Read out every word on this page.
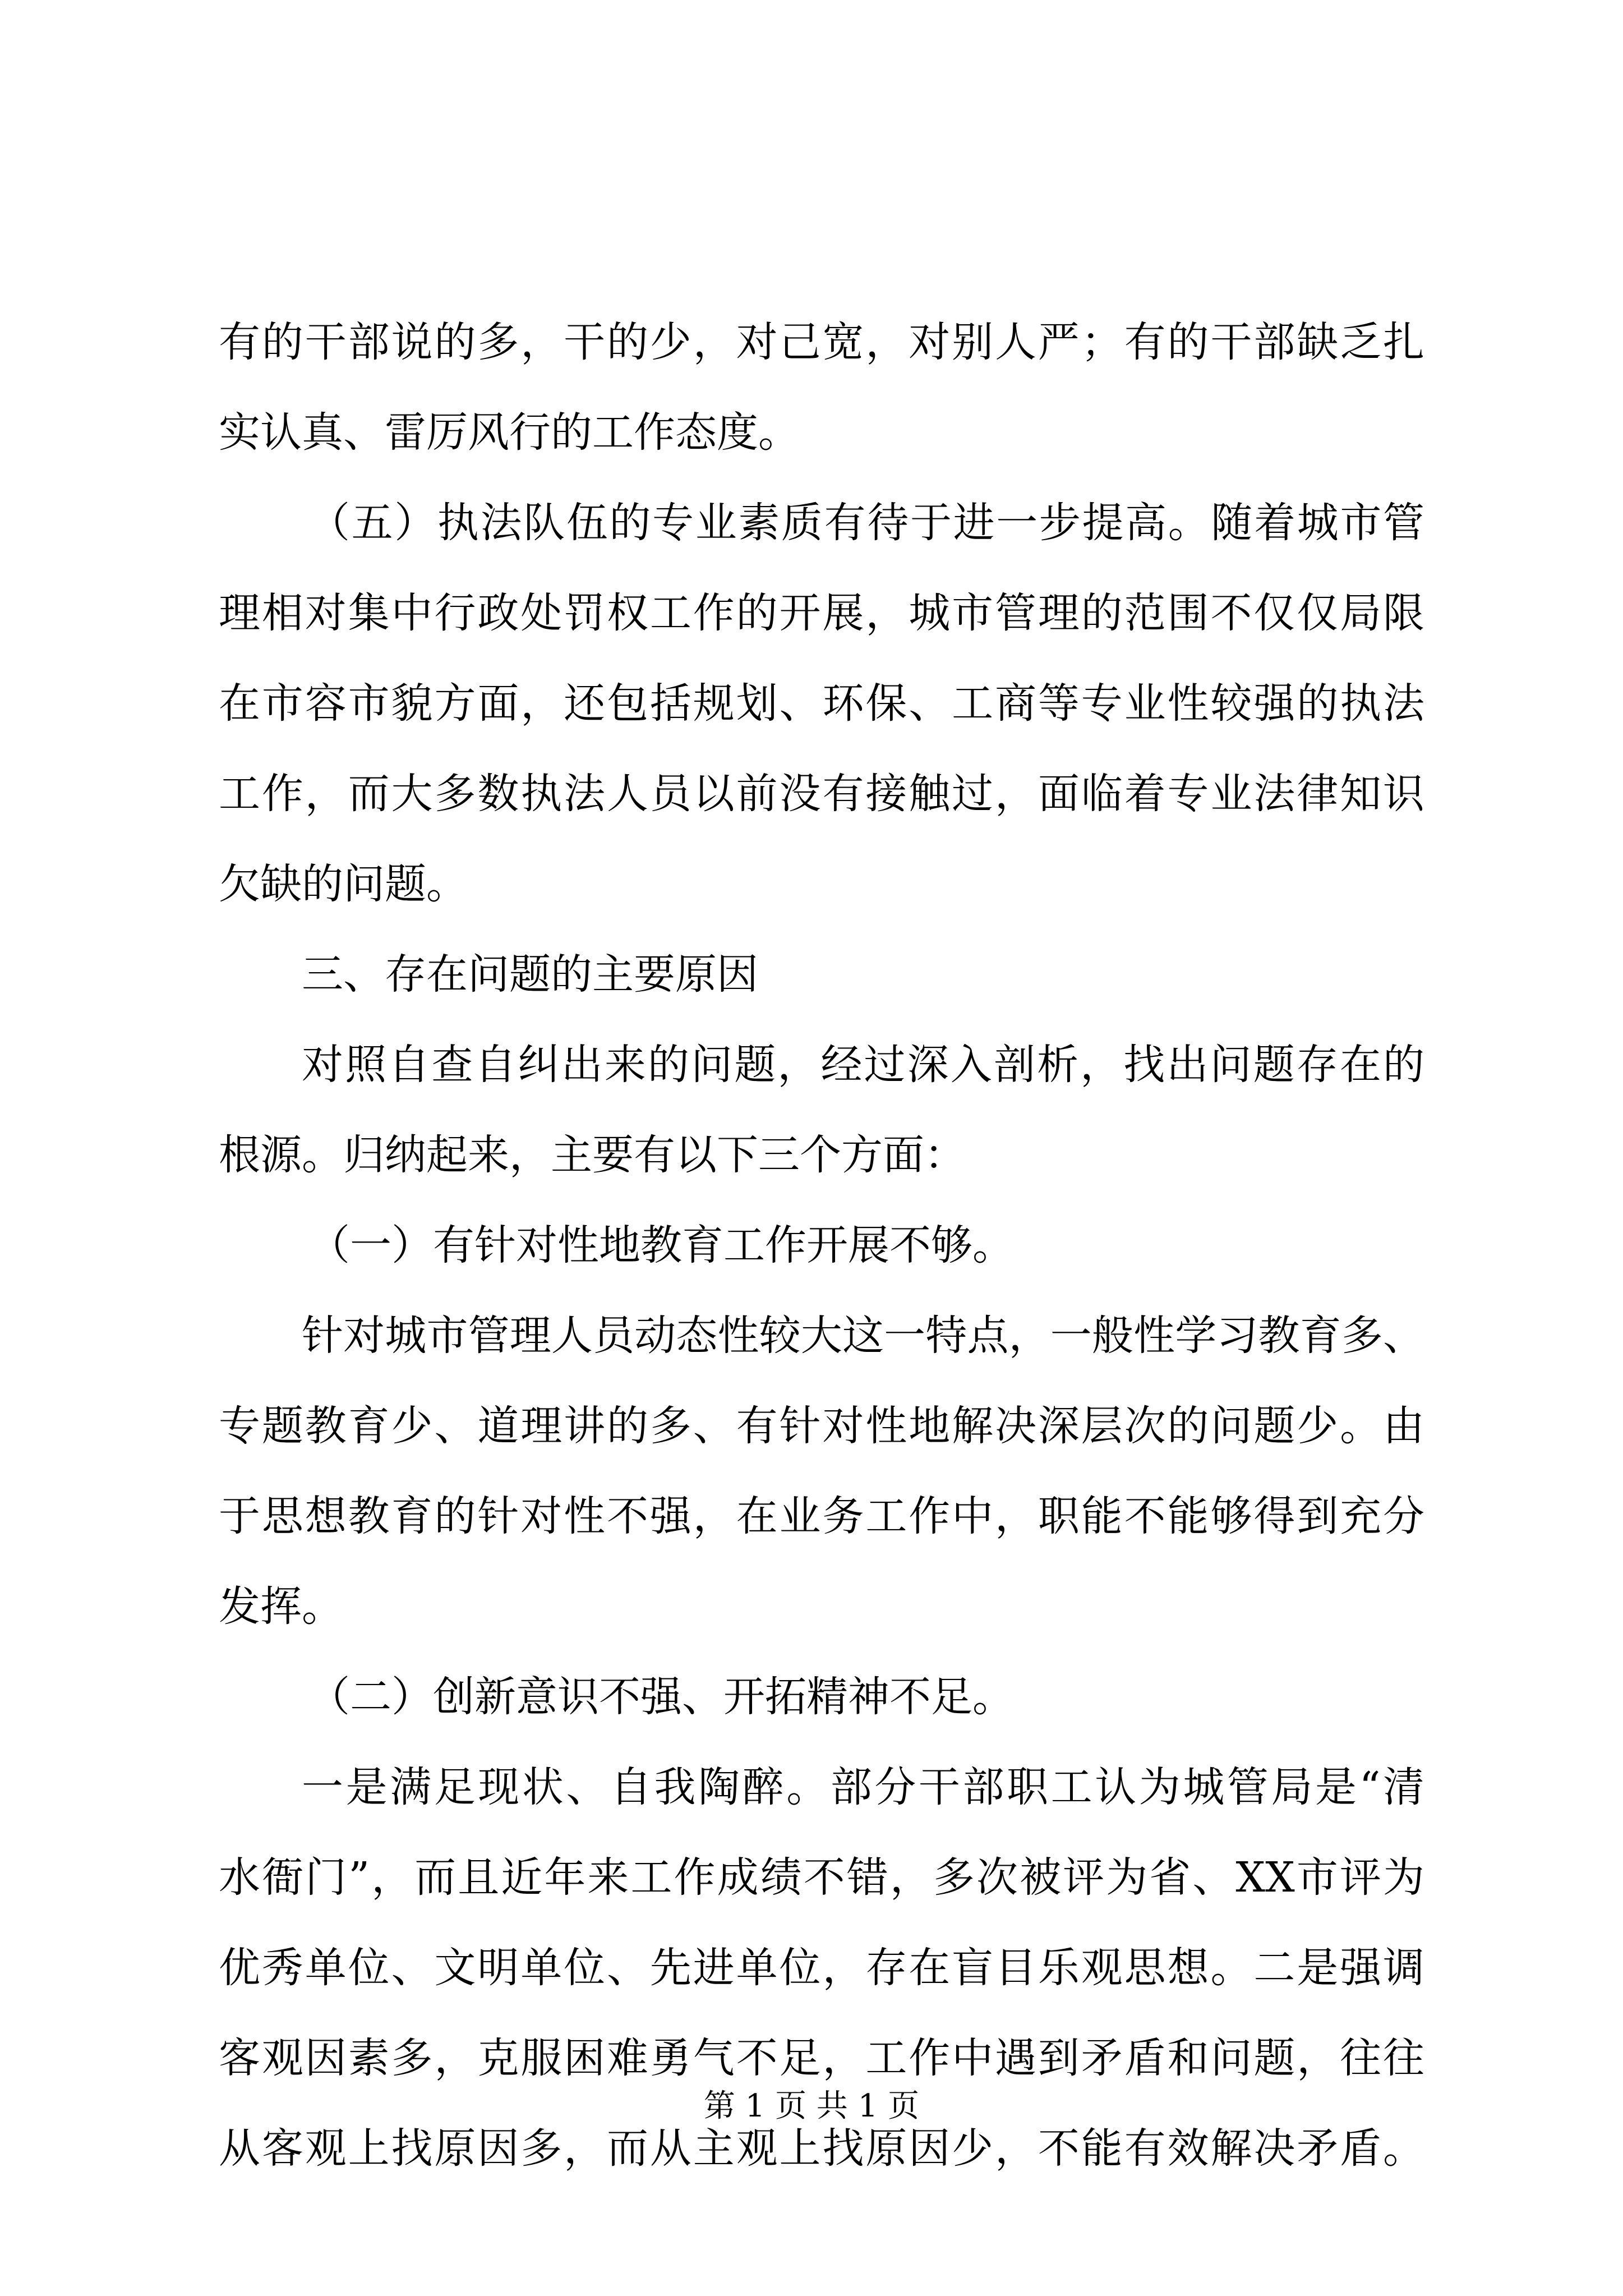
有的干部说的多，干的少，对己宽，对别人严；有的干部缺乏扎
实认真、雷厉风行的工作态度。
（五）执法队伍的专业素质有待于进一步提高。随着城市管
理相对集中行政处罚权工作的开展，城市管理的范围不仅仅局限
在市容市貌方面，还包括规划、环保、工商等专业性较强的执法
工作，而大多数执法人员以前没有接触过，面临着专业法律知识
欠缺的问题。
三、存在问题的主要原因
对照自查自纠出来的问题，经过深入剖析，找出问题存在的
根源。归纳起来，主要有以下三个方面：
（一）有针对性地教育工作开展不够。
针对城市管理人员动态性较大这一特点，一般性学习教育多、
专题教育少、道理讲的多、有针对性地解决深层次的问题少。由
于思想教育的针对性不强，在业务工作中，职能不能够得到充分
发挥。
（二）创新意识不强、开拓精神不足。
一是满足现状、自我陶醉。部分干部职工认为城管局是“清
水衙门”，而且近年来工作成绩不错，多次被评为省、XX市评为
优秀单位、文明单位、先进单位，存在盲目乐观思想。二是强调
客观因素多，克服困难勇气不足，工作中遇到矛盾和问题，往往
从客观上找原因多，而从主观上找原因少，不能有效解决矛盾。
第 1 页 共 1 页
